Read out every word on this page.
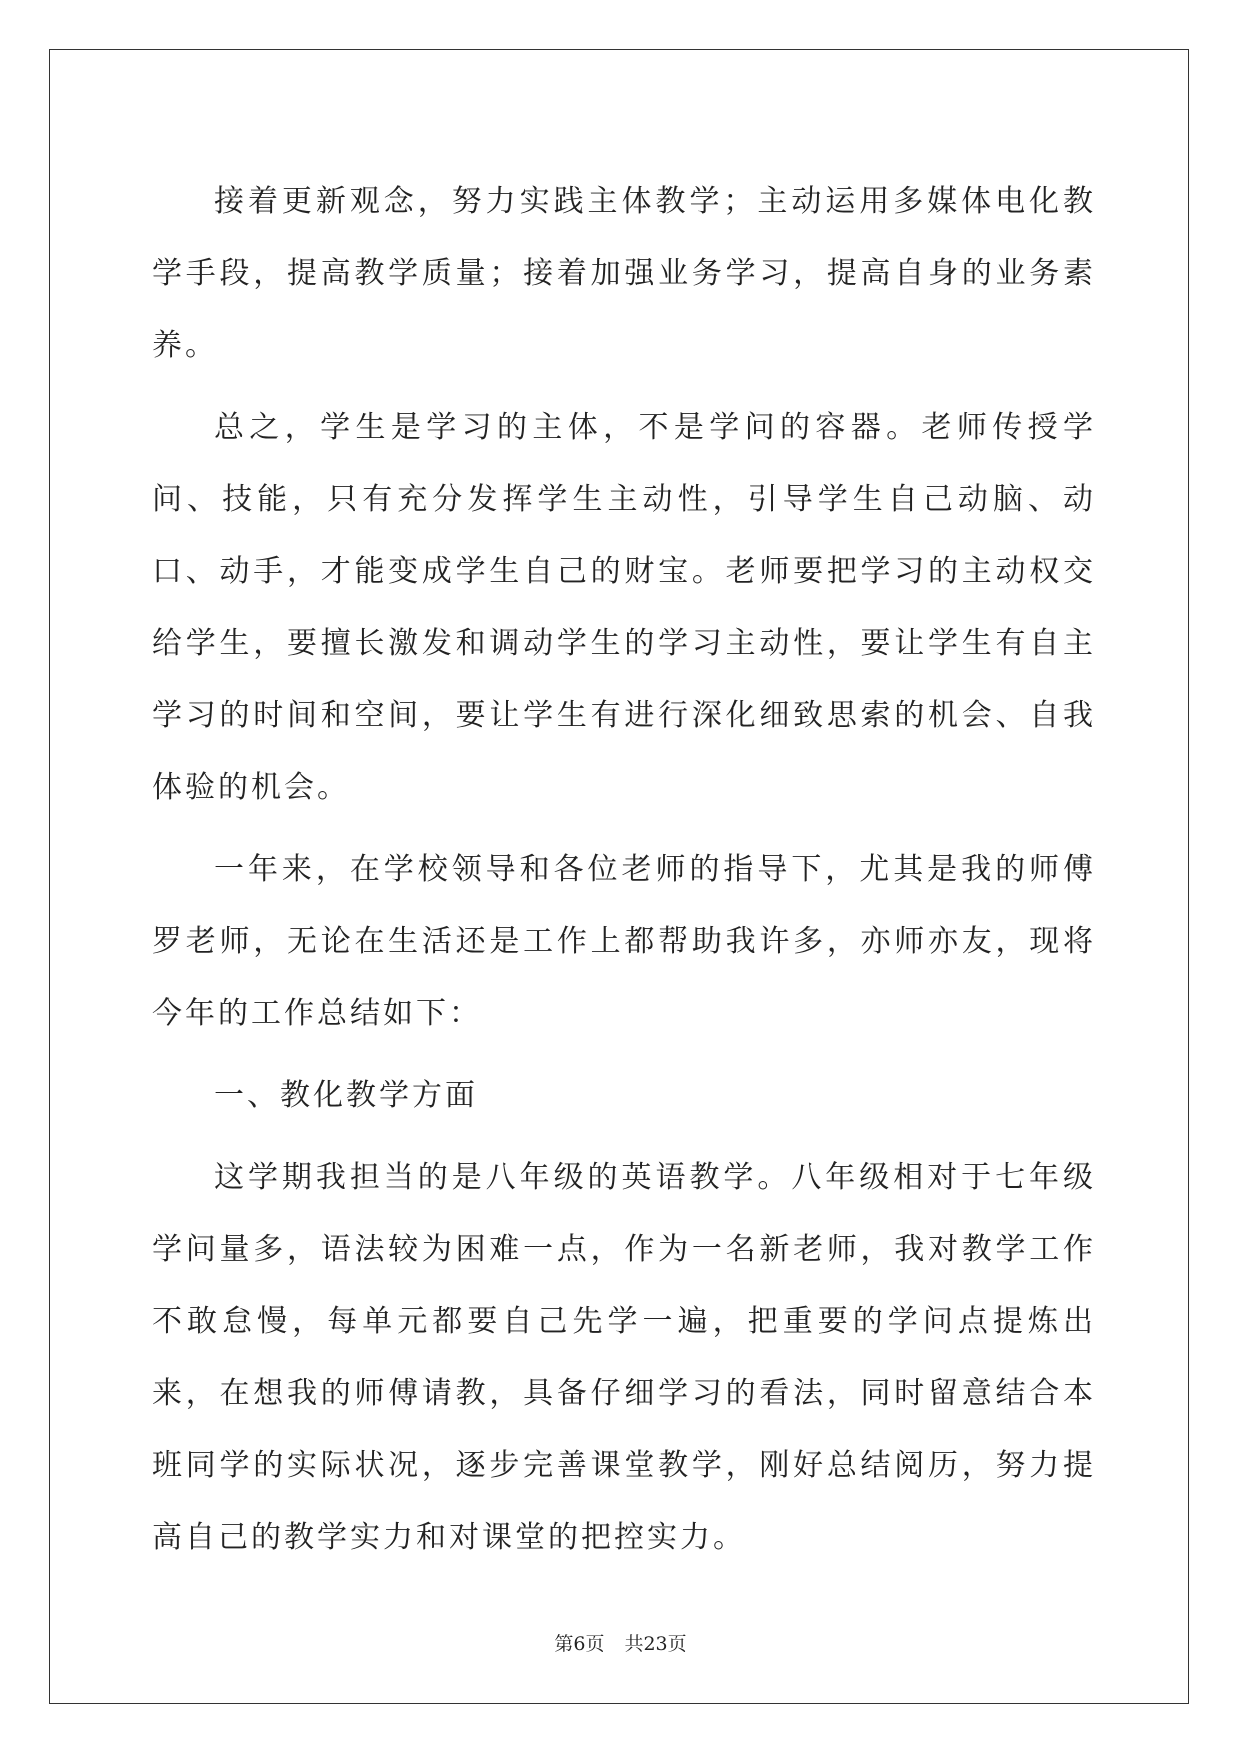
接着更新观念，努力实践主体教学；主动运用多媒体电化教学手段，提高教学质量；接着加强业务学习，提高自身的业务素养。

总之，学生是学习的主体，不是学问的容器。老师传授学问、技能，只有充分发挥学生主动性，引导学生自己动脑、动口、动手，才能变成学生自己的财宝。老师要把学习的主动权交给学生，要擅长激发和调动学生的学习主动性，要让学生有自主学习的时间和空间，要让学生有进行深化细致思索的机会、自我体验的机会。

一年来，在学校领导和各位老师的指导下，尤其是我的师傅罗老师，无论在生活还是工作上都帮助我许多，亦师亦友，现将今年的工作总结如下：

一、教化教学方面

这学期我担当的是八年级的英语教学。八年级相对于七年级学问量多，语法较为困难一点，作为一名新老师，我对教学工作不敢怠慢，每单元都要自己先学一遍，把重要的学问点提炼出来，在想我的师傅请教，具备仔细学习的看法，同时留意结合本班同学的实际状况，逐步完善课堂教学，刚好总结阅历，努力提高自己的教学实力和对课堂的把控实力。

第6页 共23页
